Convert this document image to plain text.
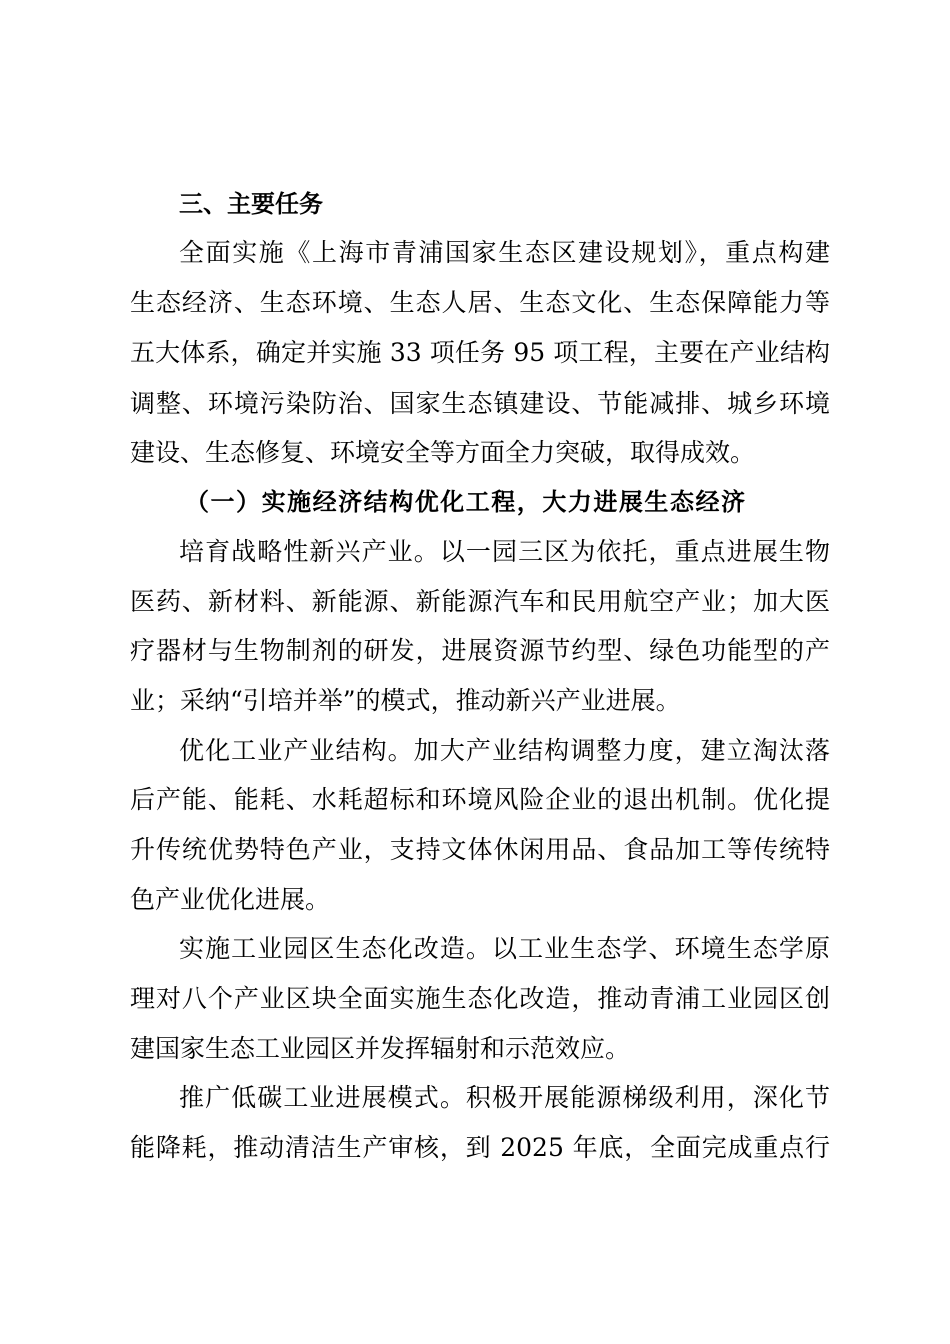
三、主要任务
全面实施《上海市青浦国家生态区建设规划》，重点构建
生态经济、生态环境、生态人居、生态文化、生态保障能力等
五大体系，确定并实施 33 项任务 95 项工程，主要在产业结构
调整、环境污染防治、国家生态镇建设、节能减排、城乡环境
建设、生态修复、环境安全等方面全力突破，取得成效。
（一）实施经济结构优化工程，大力进展生态经济
培育战略性新兴产业。以一园三区为依托，重点进展生物
医药、新材料、新能源、新能源汽车和民用航空产业；加大医
疗器材与生物制剂的研发，进展资源节约型、绿色功能型的产
业；采纳“引培并举”的模式，推动新兴产业进展。
优化工业产业结构。加大产业结构调整力度，建立淘汰落
后产能、能耗、水耗超标和环境风险企业的退出机制。优化提
升传统优势特色产业，支持文体休闲用品、食品加工等传统特
色产业优化进展。
实施工业园区生态化改造。以工业生态学、环境生态学原
理对八个产业区块全面实施生态化改造，推动青浦工业园区创
建国家生态工业园区并发挥辐射和示范效应。
推广低碳工业进展模式。积极开展能源梯级利用，深化节
能降耗，推动清洁生产审核，到 2025 年底，全面完成重点行
